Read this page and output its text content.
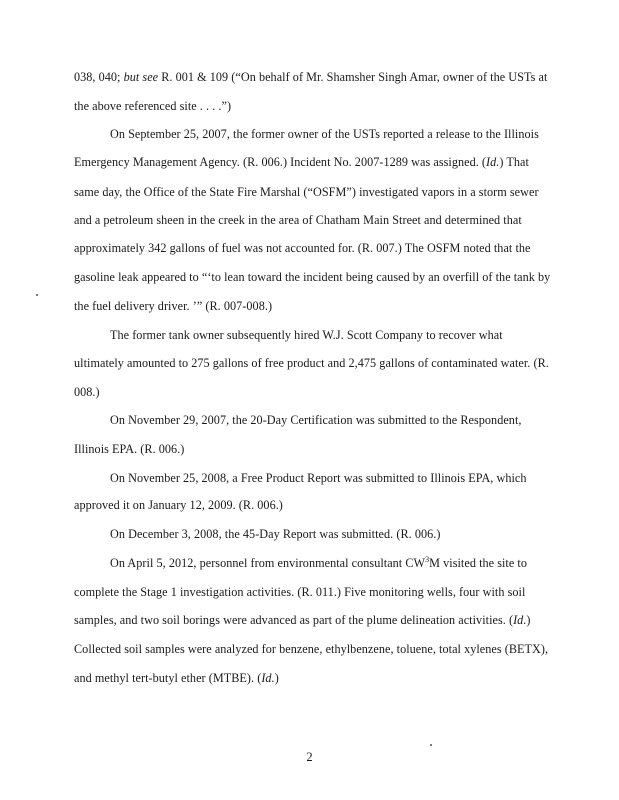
038, 040; but see R. 001 & 109 (“On behalf of Mr. Shamsher Singh Amar, owner of the USTs at
the above referenced site . . . .”)
On September 25, 2007, the former owner of the USTs reported a release to the Illinois
Emergency Management Agency. (R. 006.) Incident No. 2007-1289 was assigned. (Id.) That
same day, the Office of the State Fire Marshal (“OSFM”) investigated vapors in a storm sewer
and a petroleum sheen in the creek in the area of Chatham Main Street and determined that
approximately 342 gallons of fuel was not accounted for. (R. 007.) The OSFM noted that the
gasoline leak appeared to “‘to lean toward the incident being caused by an overfill of the tank by
the fuel delivery driver. ’” (R. 007-008.)
The former tank owner subsequently hired W.J. Scott Company to recover what
ultimately amounted to 275 gallons of free product and 2,475 gallons of contaminated water. (R.
008.)
On November 29, 2007, the 20-Day Certification was submitted to the Respondent,
Illinois EPA. (R. 006.)
On November 25, 2008, a Free Product Report was submitted to Illinois EPA, which
approved it on January 12, 2009. (R. 006.)
On December 3, 2008, the 45-Day Report was submitted. (R. 006.)
On April 5, 2012, personnel from environmental consultant $CW^3M$ visited the site to
complete the Stage 1 investigation activities. (R. 011.) Five monitoring wells, four with soil
samples, and two soil borings were advanced as part of the plume delineation activities. (Id.)
Collected soil samples were analyzed for benzene, ethylbenzene, toluene, total xylenes (BETX),
and methyl tert-butyl ether (MTBE). (Id.)
2
